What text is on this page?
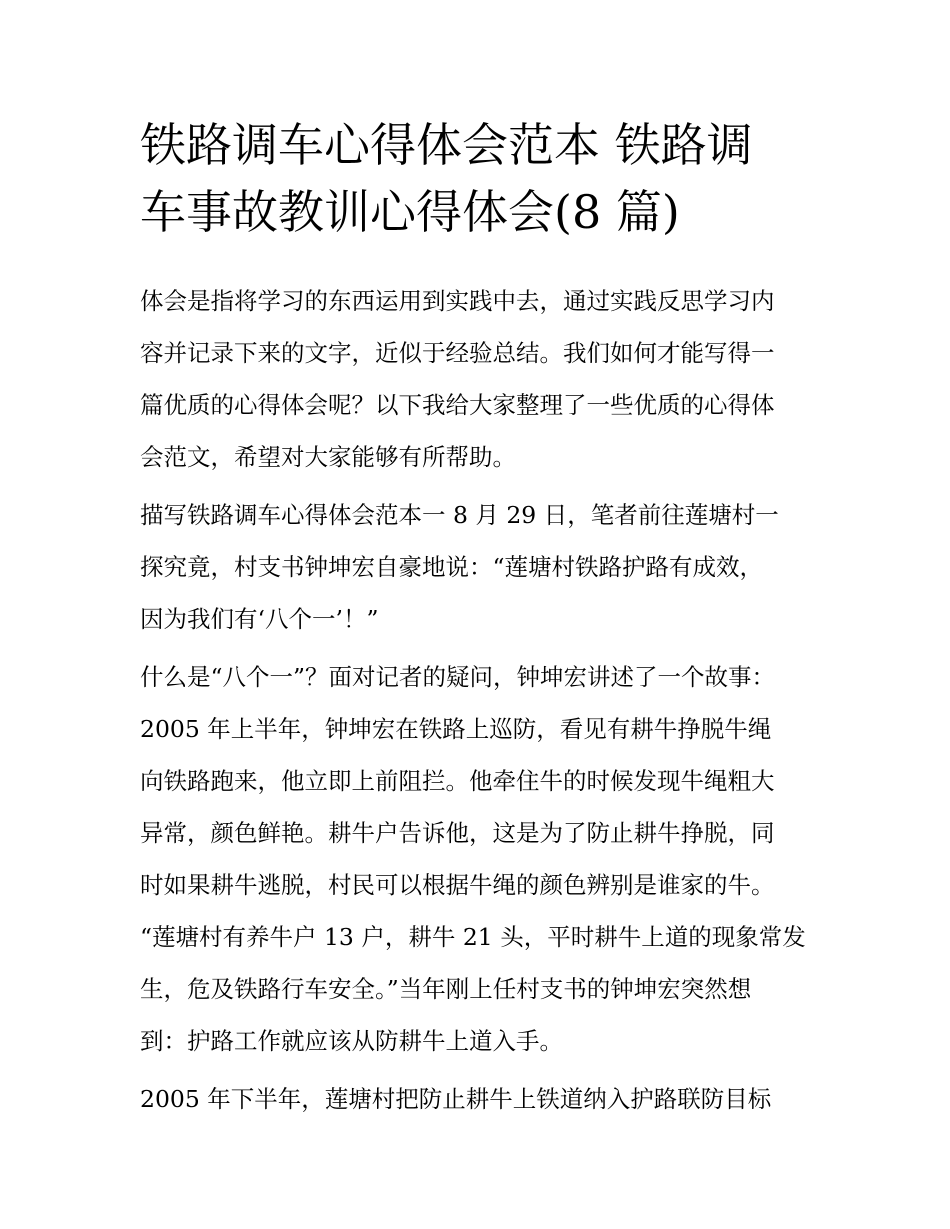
铁路调车心得体会范本 铁路调
车事故教训心得体会(8 篇)

体会是指将学习的东西运用到实践中去，通过实践反思学习内
容并记录下来的文字，近似于经验总结。我们如何才能写得一
篇优质的心得体会呢？以下我给大家整理了一些优质的心得体
会范文，希望对大家能够有所帮助。

描写铁路调车心得体会范本一 8 月 29 日，笔者前往莲塘村一
探究竟，村支书钟坤宏自豪地说：“莲塘村铁路护路有成效，
因为我们有‘八个一’！”

什么是“八个一”？面对记者的疑问，钟坤宏讲述了一个故事：
2005 年上半年，钟坤宏在铁路上巡防，看见有耕牛挣脱牛绳
向铁路跑来，他立即上前阻拦。他牵住牛的时候发现牛绳粗大
异常，颜色鲜艳。耕牛户告诉他，这是为了防止耕牛挣脱，同
时如果耕牛逃脱，村民可以根据牛绳的颜色辨别是谁家的牛。
“莲塘村有养牛户 13 户，耕牛 21 头，平时耕牛上道的现象常发
生，危及铁路行车安全。”当年刚上任村支书的钟坤宏突然想
到：护路工作就应该从防耕牛上道入手。

2005 年下半年，莲塘村把防止耕牛上铁道纳入护路联防目标
